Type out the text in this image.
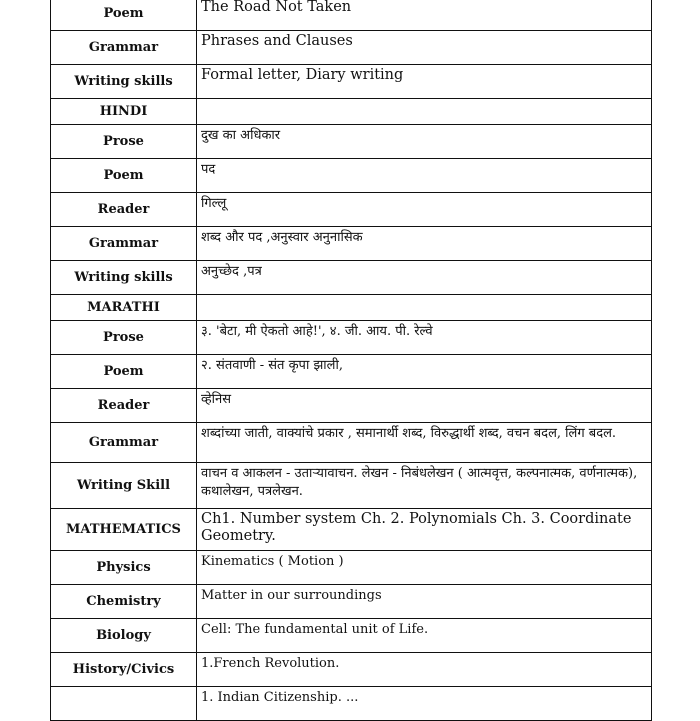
Poem	The Road Not Taken
Grammar	Phrases and Clauses
Writing skills	Formal letter, Diary writing
HINDI	
Prose	दुख का अधिकार
Poem	पद
Reader	गिल्लू
Grammar	शब्द और पद ,अनुस्वार अनुनासिक
Writing skills	अनुच्छेद ,पत्र
MARATHI	
Prose	३. 'बेटा, मी ऐकतो आहे!', ४. जी. आय. पी. रेल्वे
Poem	२. संतवाणी - संत कृपा झाली,
Reader	व्हेनिस
Grammar	शब्दांच्या जाती, वाक्यांचे प्रकार , समानार्थी शब्द, विरुद्धार्थी शब्द, वचन बदल, लिंग बदल.
Writing Skill	वाचन व आकलन - उताऱ्यावाचन. लेखन - निबंधलेखन ( आत्मवृत्त, कल्पनात्मक, वर्णनात्मक), कथालेखन, पत्रलेखन.
MATHEMATICS	Ch1. Number system Ch. 2. Polynomials Ch. 3. Coordinate Geometry.
Physics	Kinematics ( Motion )
Chemistry	Matter in our surroundings
Biology	Cell: The fundamental unit of Life.
History/Civics	1.French Revolution.
	1. Indian Citizenship. ...
